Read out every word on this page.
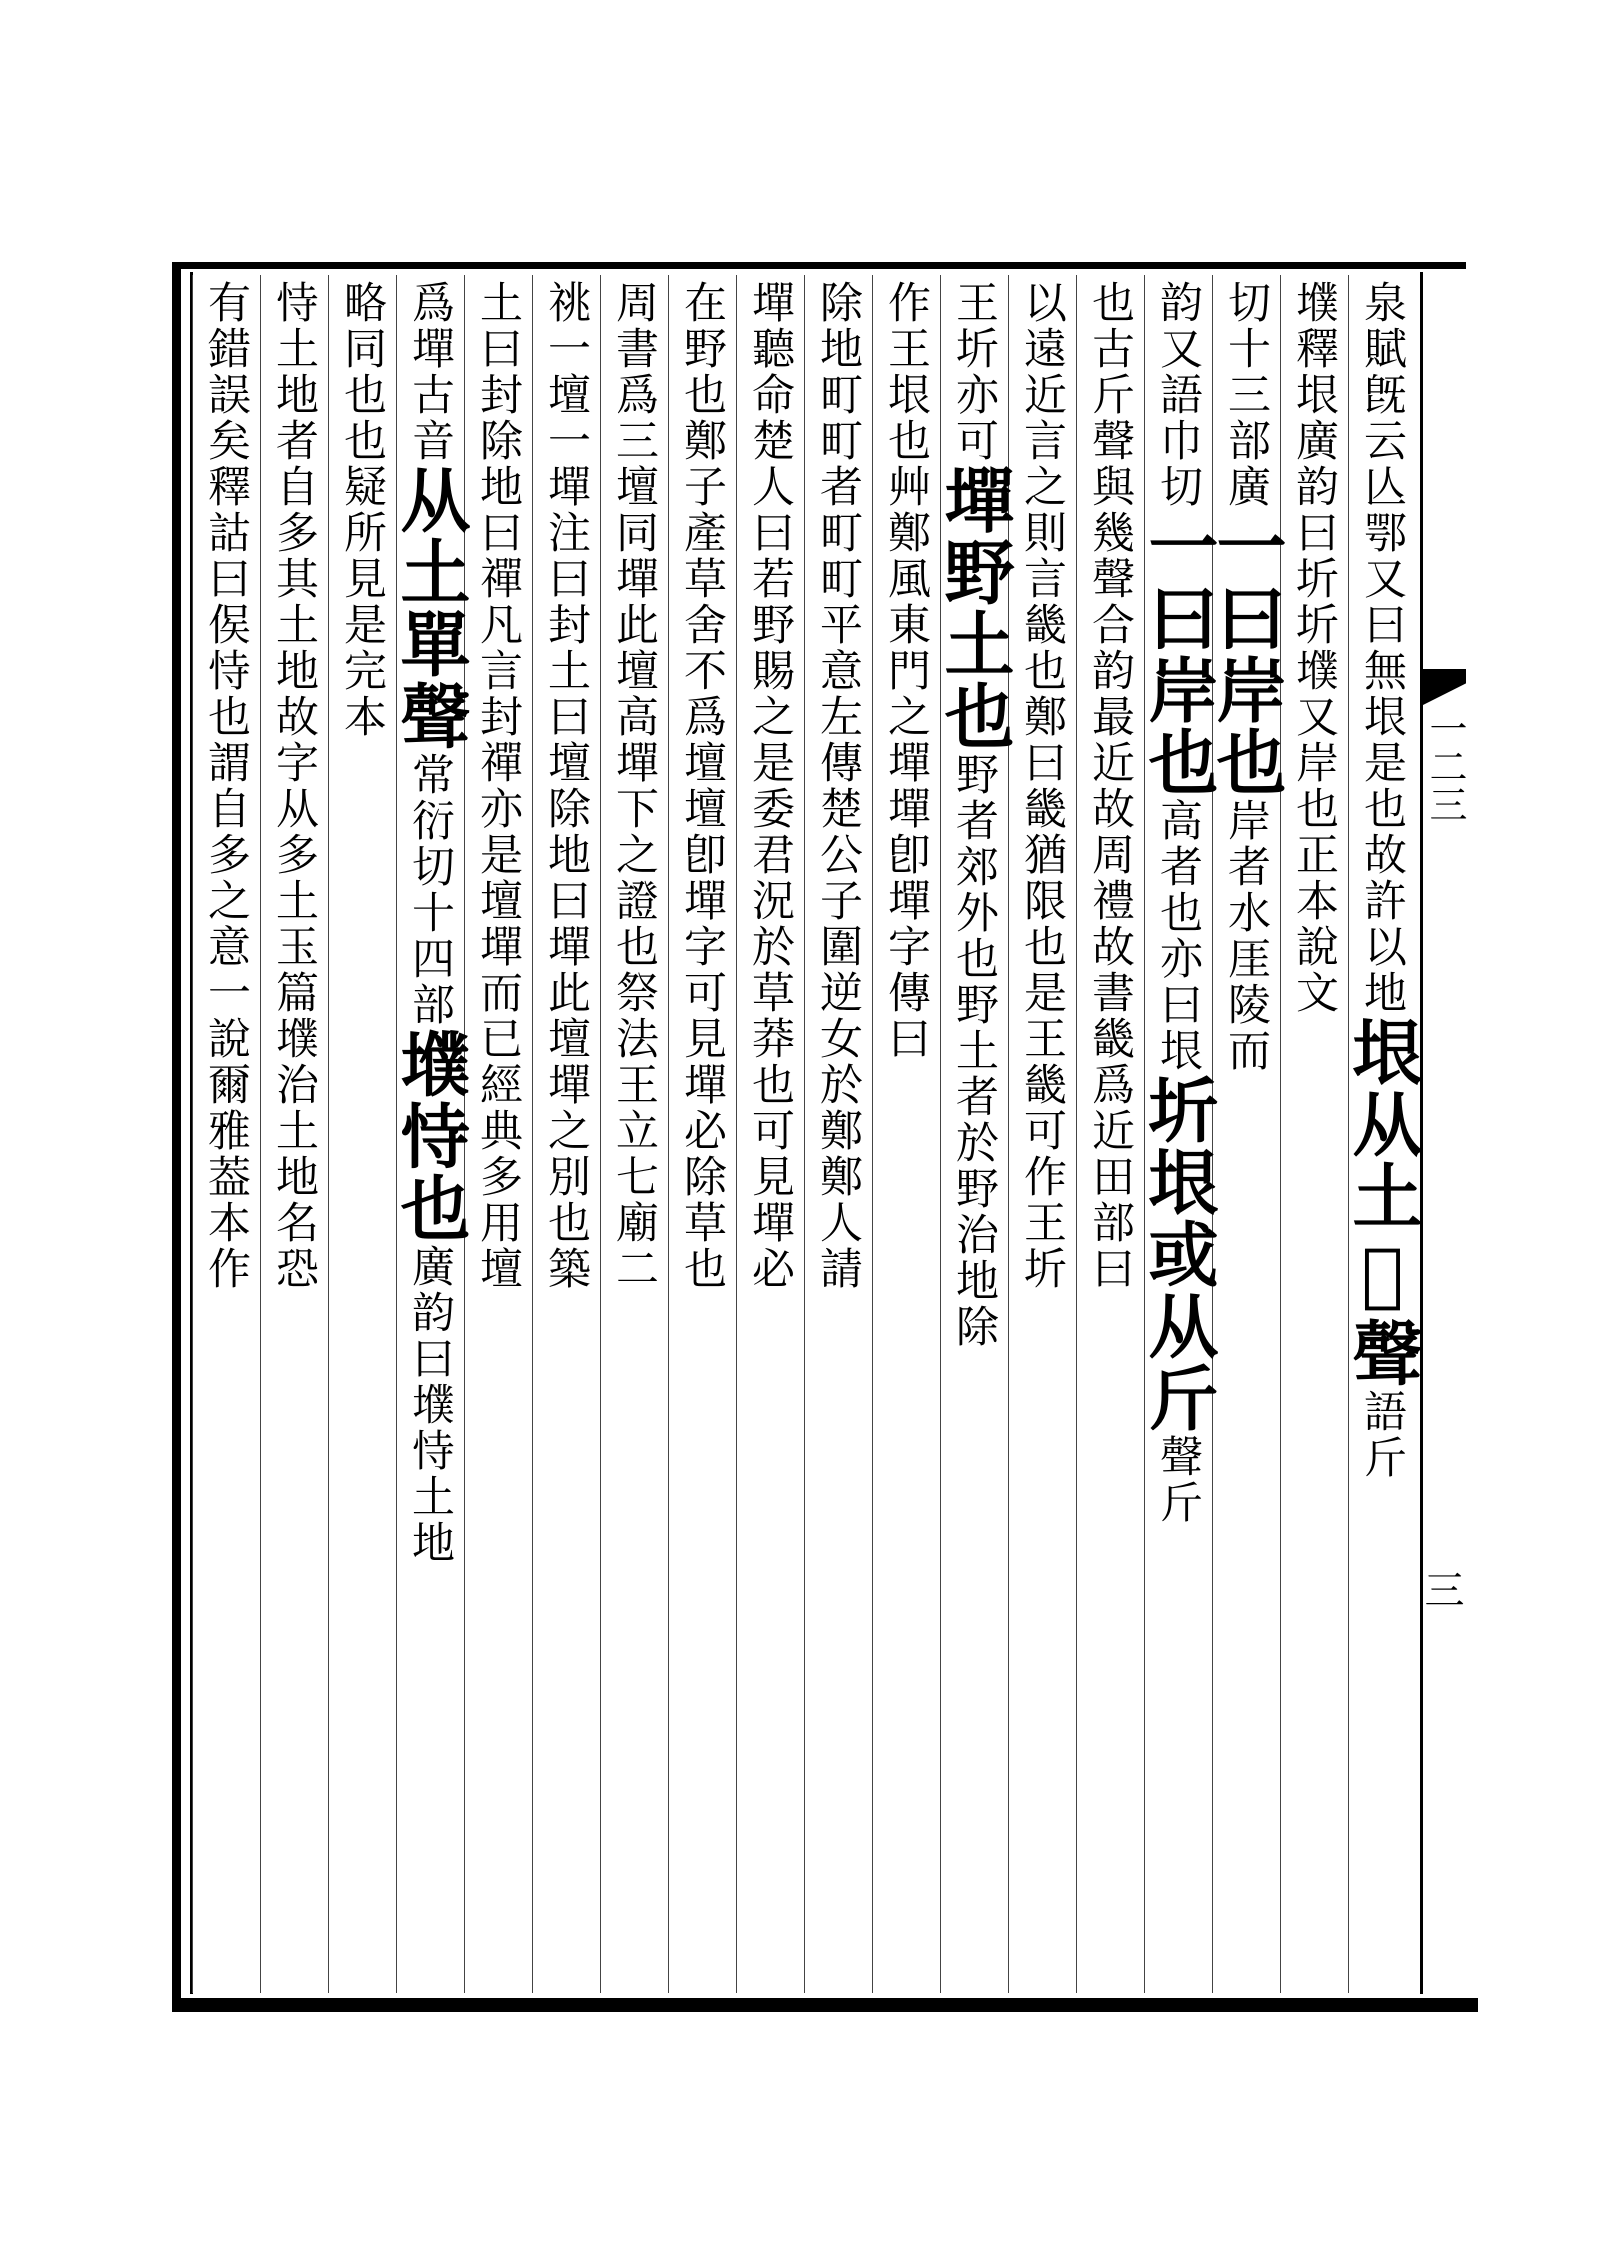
一二三
三
泉賦旣云亾鄂又曰無垠是也故許以地垠从土𡋇聲語斤
㙸釋垠廣韵曰圻圻㙸又岸也正本說文
切十三部廣一曰岸也岸者水厓陵而
韵又語巾切一曰岸也高者也亦曰垠圻垠或从斤聲斤
也古斤聲與幾聲合韵最近故周禮故書畿爲近田部曰
以遠近言之則言畿也鄭曰畿猶限也是王畿可作王圻
王圻亦可墠野土也野者郊外也野土者於野治地除
作王垠也艸鄭風東門之墠墠卽墠字傳曰
除地町町者町町平意左傳楚公子圍逆女於鄭鄭人請
墠聽命楚人曰若野賜之是委君況於草莽也可見墠必
在野也鄭子產草舍不爲壇壇卽墠字可見墠必除草也
周書爲三壇同墠此壇高墠下之證也祭法王立七廟二
祧一壇一墠注曰封土曰壇除地曰墠此壇墠之別也築
土曰封除地曰禪凡言封禪亦是壇墠而已經典多用壇
爲墠古音从土單聲常衍切十四部㙸恃也廣韵曰㙸恃土地
略同也也疑所見是完本
恃土地者自多其土地故字从多土玉篇㙸治土地名恐
有錯誤矣釋詁曰㑨恃也謂自多之意一說爾雅葢本作
